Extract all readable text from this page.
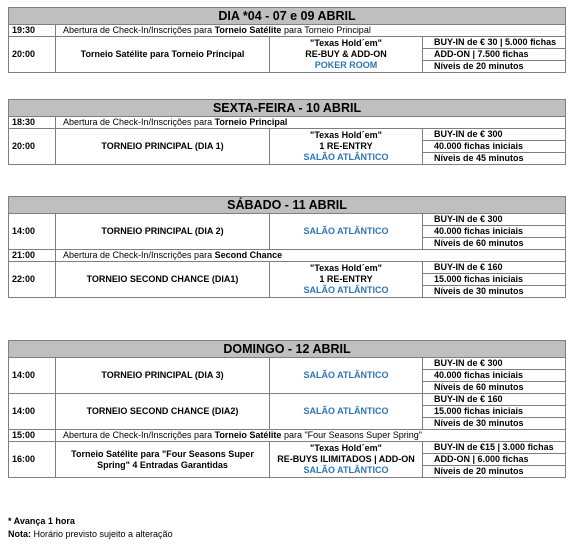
DIA *04 - 07 e 09 ABRIL			
19:30	Abertura de Check-In/Inscrições para Torneio Satélite para Torneio Principal		
20:00	Torneio Satélite para Torneio Principal	"Texas Hold´em"
RE-BUY & ADD-ON
POKER ROOM	BUY-IN de € 30 | 5.000 fichas
			ADD-ON | 7.500 fichas
			Níveis de 20 minutos
SEXTA-FEIRA - 10 ABRIL			
18:30	Abertura de Check-In/Inscrições para Torneio Principal		
20:00	TORNEIO PRINCIPAL (DIA 1)	"Texas Hold´em"
1 RE-ENTRY
SALÃO ATLÂNTICO	BUY-IN de € 300
			40.000 fichas iniciais
			Níveis de 45 minutos
SÁBADO - 11 ABRIL			
14:00	TORNEIO PRINCIPAL (DIA 2)	SALÃO ATLÂNTICO	BUY-IN de € 300
			40.000 fichas iniciais
			Níveis de 60 minutos
21:00	Abertura de Check-In/Inscrições para Second Chance		
22:00	TORNEIO SECOND CHANCE (DIA1)	"Texas Hold´em"
1 RE-ENTRY
SALÃO ATLÂNTICO	BUY-IN de € 160
			15.000 fichas iniciais
			Níveis de 30 minutos
DOMINGO - 12 ABRIL			
14:00	TORNEIO PRINCIPAL (DIA 3)	SALÃO ATLÂNTICO	BUY-IN de € 300
			40.000 fichas iniciais
			Níveis de 60 minutos
14:00	TORNEIO SECOND CHANCE (DIA2)	SALÃO ATLÂNTICO	BUY-IN de € 160
			15.000 fichas iniciais
			Níveis de 30 minutos
15:00	Abertura de Check-In/Inscrições para Torneio Satélite para "Four Seasons Super Spring"		
16:00	Torneio Satélite para "Four Seasons Super Spring" 4 Entradas Garantidas	"Texas Hold´em"
RE-BUYS ILIMITADOS | ADD-ON
SALÃO ATLÂNTICO	BUY-IN de €15 | 3.000 fichas
			ADD-ON | 6.000 fichas
			Níveis de 20 minutos
* Avança 1 hora
Nota: Horário previsto sujeito a alteração
